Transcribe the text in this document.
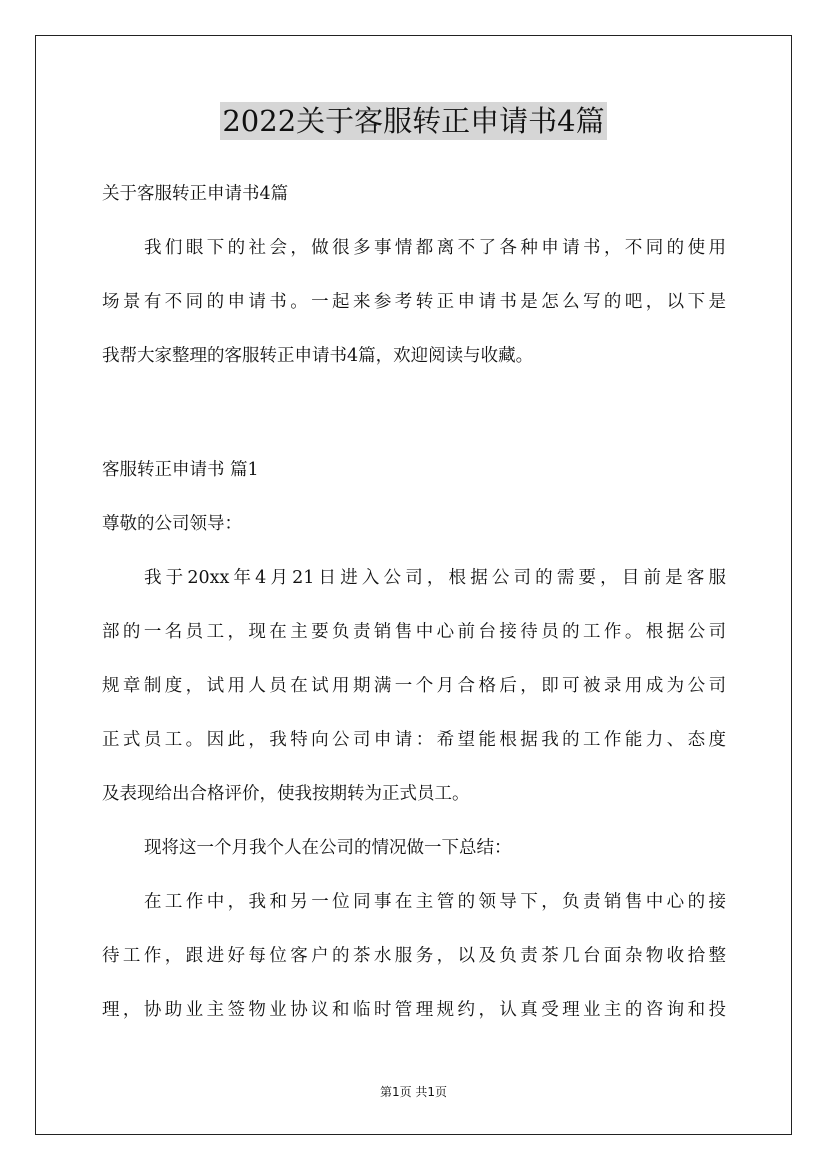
2022关于客服转正申请书4篇

关于客服转正申请书4篇

我们眼下的社会，做很多事情都离不了各种申请书，不同的使用

场景有不同的申请书。一起来参考转正申请书是怎么写的吧，以下是

我帮大家整理的客服转正申请书4篇，欢迎阅读与收藏。

客服转正申请书 篇1

尊敬的公司领导：

我于20xx年4月21日进入公司，根据公司的需要，目前是客服

部的一名员工，现在主要负责销售中心前台接待员的工作。根据公司

规章制度，试用人员在试用期满一个月合格后，即可被录用成为公司

正式员工。因此，我特向公司申请：希望能根据我的工作能力、态度

及表现给出合格评价，使我按期转为正式员工。

现将这一个月我个人在公司的情况做一下总结：

在工作中，我和另一位同事在主管的领导下，负责销售中心的接

待工作，跟进好每位客户的茶水服务，以及负责茶几台面杂物收拾整

理，协助业主签物业协议和临时管理规约，认真受理业主的咨询和投

第1页 共1页
